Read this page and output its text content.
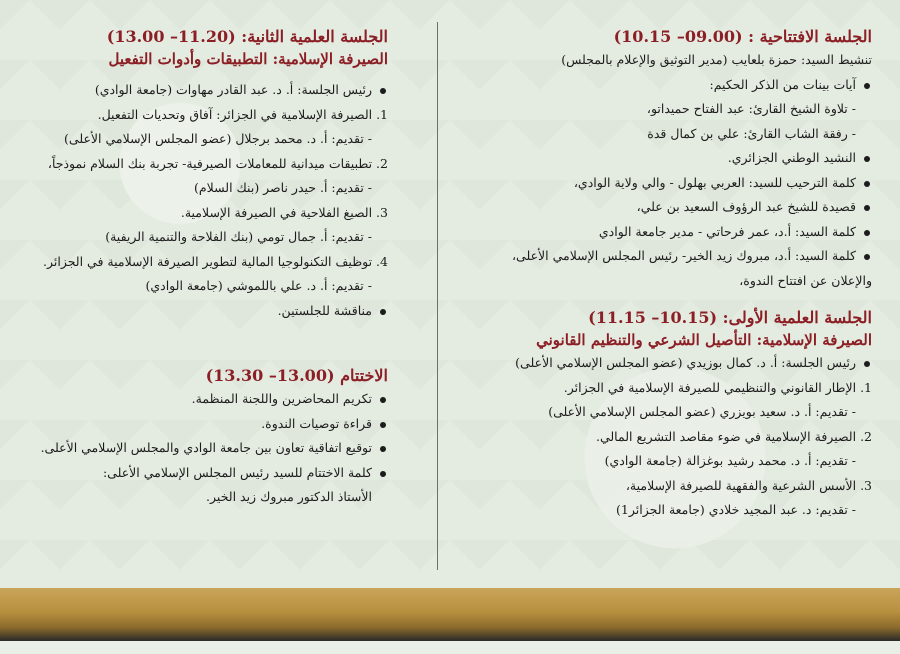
الجلسة الافتتاحية : (09.00– 10.15)
تنشيط السيد: حمزة بلعايب (مدير التوثيق والإعلام بالمجلس)
آيات بينات من الذكر الحكيم:
- تلاوة الشيخ القارئ: عبد الفتاح حميداتو،
- رفقة الشاب القارئ: علي بن كمال قدة
النشيد الوطني الجزائري.
كلمة الترحيب للسيد: العربي بهلول - والي ولاية الوادي،
قصيدة للشيخ عبد الرؤوف السعيد بن علي،
كلمة السيد: أ.د، عمر فرحاتي - مدير جامعة الوادي
كلمة السيد: أ.د، مبروك زيد الخير- رئيس المجلس الإسلامي الأعلى،
والإعلان عن افتتاح الندوة،
الجلسة العلمية الأولى: (10.15– 11.15)
الصيرفة الإسلامية: التأصيل الشرعي والتنظيم القانوني
رئيس الجلسة: أ. د. كمال بوزيدي (عضو المجلس الإسلامي الأعلى)
1. الإطار القانوني والتنظيمي للصيرفة الإسلامية في الجزائر.
- تقديم: أ. د. سعيد بويزري (عضو المجلس الإسلامي الأعلى)
2. الصيرفة الإسلامية في ضوء مقاصد التشريع المالي.
- تقديم: أ. د. محمد رشيد بوغزالة (جامعة الوادي)
3. الأسس الشرعية والفقهية للصيرفة الإسلامية،
- تقديم: د. عبد المجيد خلادي (جامعة الجزائر1)
الجلسة العلمية الثانية: (11.20– 13.00)
الصيرفة الإسلامية: التطبيقات وأدوات التفعيل
رئيس الجلسة: أ. د. عبد القادر مهاوات (جامعة الوادي)
1. الصيرفة الإسلامية في الجزائر: آفاق وتحديات التفعيل.
- تقديم: أ. د. محمد برجلال (عضو المجلس الإسلامي الأعلى)
2. تطبيقات ميدانية للمعاملات الصيرفية- تجربة بنك السلام نموذجاً،
- تقديم: أ. حيدر ناصر (بنك السلام)
3. الصيغ الفلاحية في الصيرفة الإسلامية.
- تقديم: أ. جمال تومي (بنك الفلاحة والتنمية الريفية)
4. توظيف التكنولوجيا المالية لتطوير الصيرفة الإسلامية في الجزائر.
- تقديم: أ. د. علي باللموشي (جامعة الوادي)
مناقشة للجلستين.
الاختتام (13.00– 13.30)
تكريم المحاضرين واللجنة المنظمة.
قراءة توصيات الندوة.
توقيع اتفاقية تعاون بين جامعة الوادي والمجلس الإسلامي الأعلى.
كلمة الاختتام للسيد رئيس المجلس الإسلامي الأعلى:
الأستاذ الدكتور مبروك زيد الخير.
